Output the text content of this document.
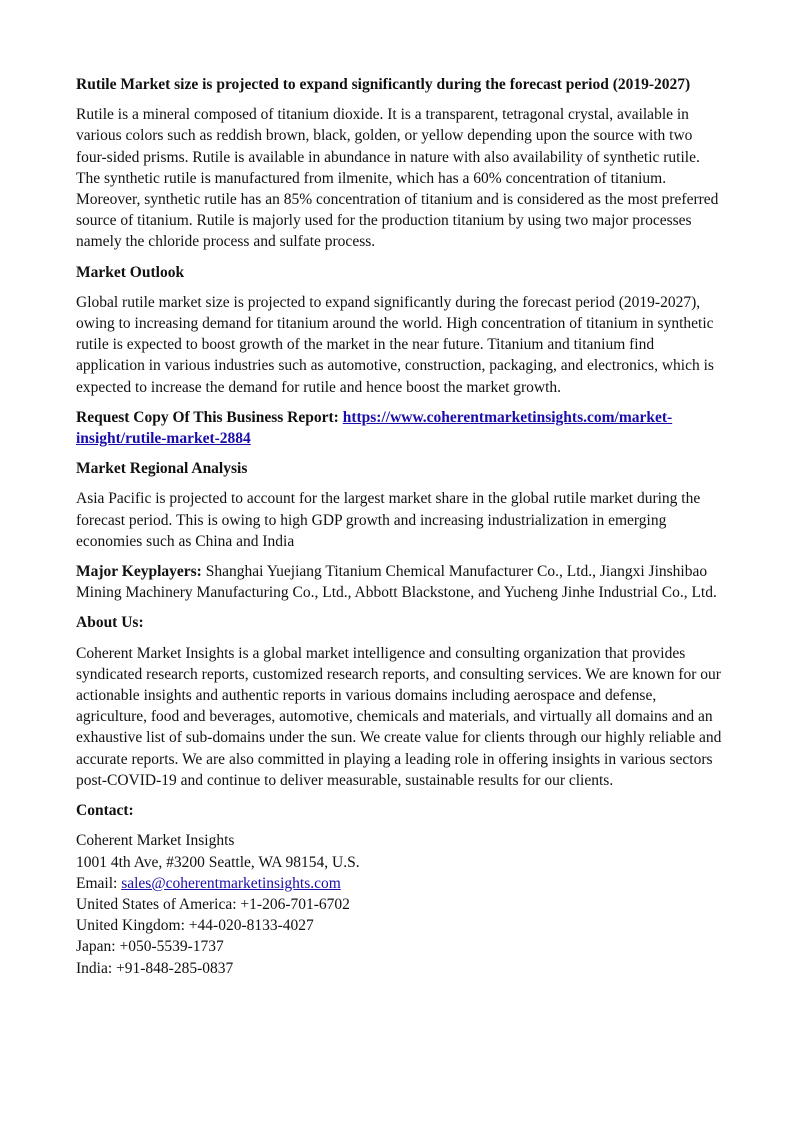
Rutile Market size is projected to expand significantly during the forecast period (2019-2027)

Rutile is a mineral composed of titanium dioxide. It is a transparent, tetragonal crystal, available in various colors such as reddish brown, black, golden, or yellow depending upon the source with two four-sided prisms. Rutile is available in abundance in nature with also availability of synthetic rutile. The synthetic rutile is manufactured from ilmenite, which has a 60% concentration of titanium. Moreover, synthetic rutile has an 85% concentration of titanium and is considered as the most preferred source of titanium. Rutile is majorly used for the production titanium by using two major processes namely the chloride process and sulfate process.

Market Outlook

Global rutile market size is projected to expand significantly during the forecast period (2019-2027), owing to increasing demand for titanium around the world. High concentration of titanium in synthetic rutile is expected to boost growth of the market in the near future. Titanium and titanium find application in various industries such as automotive, construction, packaging, and electronics, which is expected to increase the demand for rutile and hence boost the market growth.

Request Copy Of This Business Report: https://www.coherentmarketinsights.com/market-insight/rutile-market-2884

Market Regional Analysis

Asia Pacific is projected to account for the largest market share in the global rutile market during the forecast period. This is owing to high GDP growth and increasing industrialization in emerging economies such as China and India

Major Keyplayers: Shanghai Yuejiang Titanium Chemical Manufacturer Co., Ltd., Jiangxi Jinshibao Mining Machinery Manufacturing Co., Ltd., Abbott Blackstone, and Yucheng Jinhe Industrial Co., Ltd.

About Us:

Coherent Market Insights is a global market intelligence and consulting organization that provides syndicated research reports, customized research reports, and consulting services. We are known for our actionable insights and authentic reports in various domains including aerospace and defense, agriculture, food and beverages, automotive, chemicals and materials, and virtually all domains and an exhaustive list of sub-domains under the sun. We create value for clients through our highly reliable and accurate reports. We are also committed in playing a leading role in offering insights in various sectors post-COVID-19 and continue to deliver measurable, sustainable results for our clients.

Contact:

Coherent Market Insights
1001 4th Ave, #3200 Seattle, WA 98154, U.S.
Email: sales@coherentmarketinsights.com
United States of America: +1-206-701-6702
United Kingdom: +44-020-8133-4027
Japan: +050-5539-1737
India: +91-848-285-0837
